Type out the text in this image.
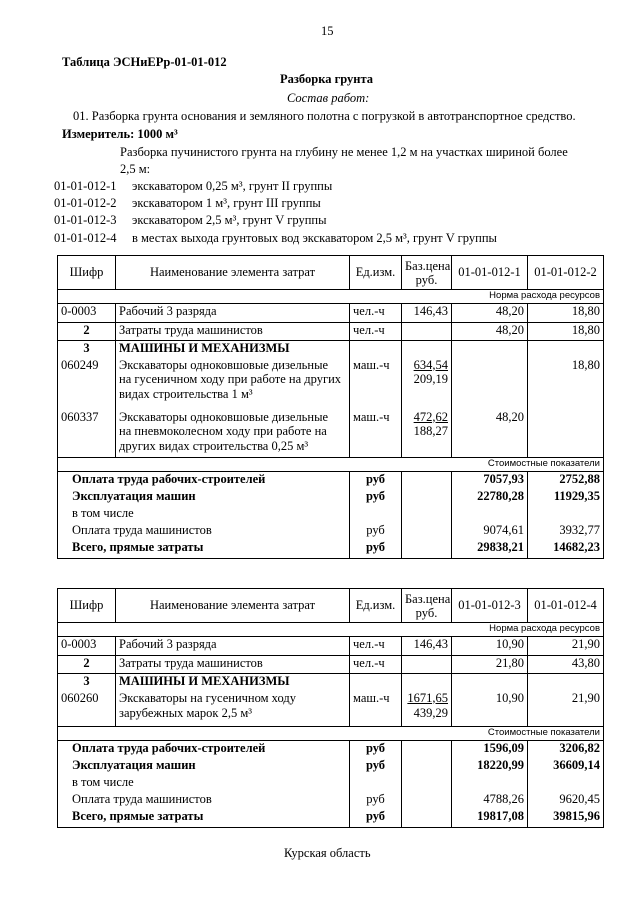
15
Таблица ЭСНиЕРр-01-01-012
Разборка грунта
Состав работ:
01. Разборка грунта основания и земляного полотна с погрузкой в автотранспортное средство.
Измеритель: 1000 м³
Разборка пучинистого грунта на глубину не менее 1,2 м на участках шириной более
2,5 м:
01-01-012-1 экскаватором 0,25 м³, грунт II группы
01-01-012-2 экскаватором 1 м³, грунт III группы
01-01-012-3 экскаватором 2,5 м³, грунт V группы
01-01-012-4 в местах выхода грунтовых вод экскаватором 2,5 м³, грунт V группы
Шифр	Наименование элемента затрат	Ед.изм.	Баз.цена
руб.	01-01-012-1	01-01-012-2
Норма расхода ресурсов					
0-0003	Рабочий 3 разряда	чел.-ч	146,43	48,20	18,80
2	Затраты труда машинистов	чел.-ч		48,20	18,80
3	МАШИНЫ И МЕХАНИЗМЫ				
060249	Экскаваторы одноковшовые дизельные
на гусеничном ходу при работе на других
видах строительства 1 м³	маш.-ч	634,54
209,19		18,80
060337	Экскаваторы одноковшовые дизельные
на пневмоколесном ходу при работе на
других видах строительства 0,25 м³	маш.-ч	472,62
188,27	48,20	
Стоимостные показатели					
Оплата труда рабочих-строителей		руб		7057,93	2752,88
Эксплуатация машин		руб		22780,28	11929,35
в том числе					
Оплата труда машинистов		руб		9074,61	3932,77
Всего, прямые затраты		руб		29838,21	14682,23
Шифр	Наименование элемента затрат	Ед.изм.	Баз.цена
руб.	01-01-012-3	01-01-012-4
Норма расхода ресурсов					
0-0003	Рабочий 3 разряда	чел.-ч	146,43	10,90	21,90
2	Затраты труда машинистов	чел.-ч		21,80	43,80
3	МАШИНЫ И МЕХАНИЗМЫ				
060260	Экскаваторы на гусеничном ходу
зарубежных марок 2,5 м³	маш.-ч	1671,65
439,29	10,90	21,90
Стоимостные показатели					
Оплата труда рабочих-строителей		руб		1596,09	3206,82
Эксплуатация машин		руб		18220,99	36609,14
в том числе					
Оплата труда машинистов		руб		4788,26	9620,45
Всего, прямые затраты		руб		19817,08	39815,96
Курская область
